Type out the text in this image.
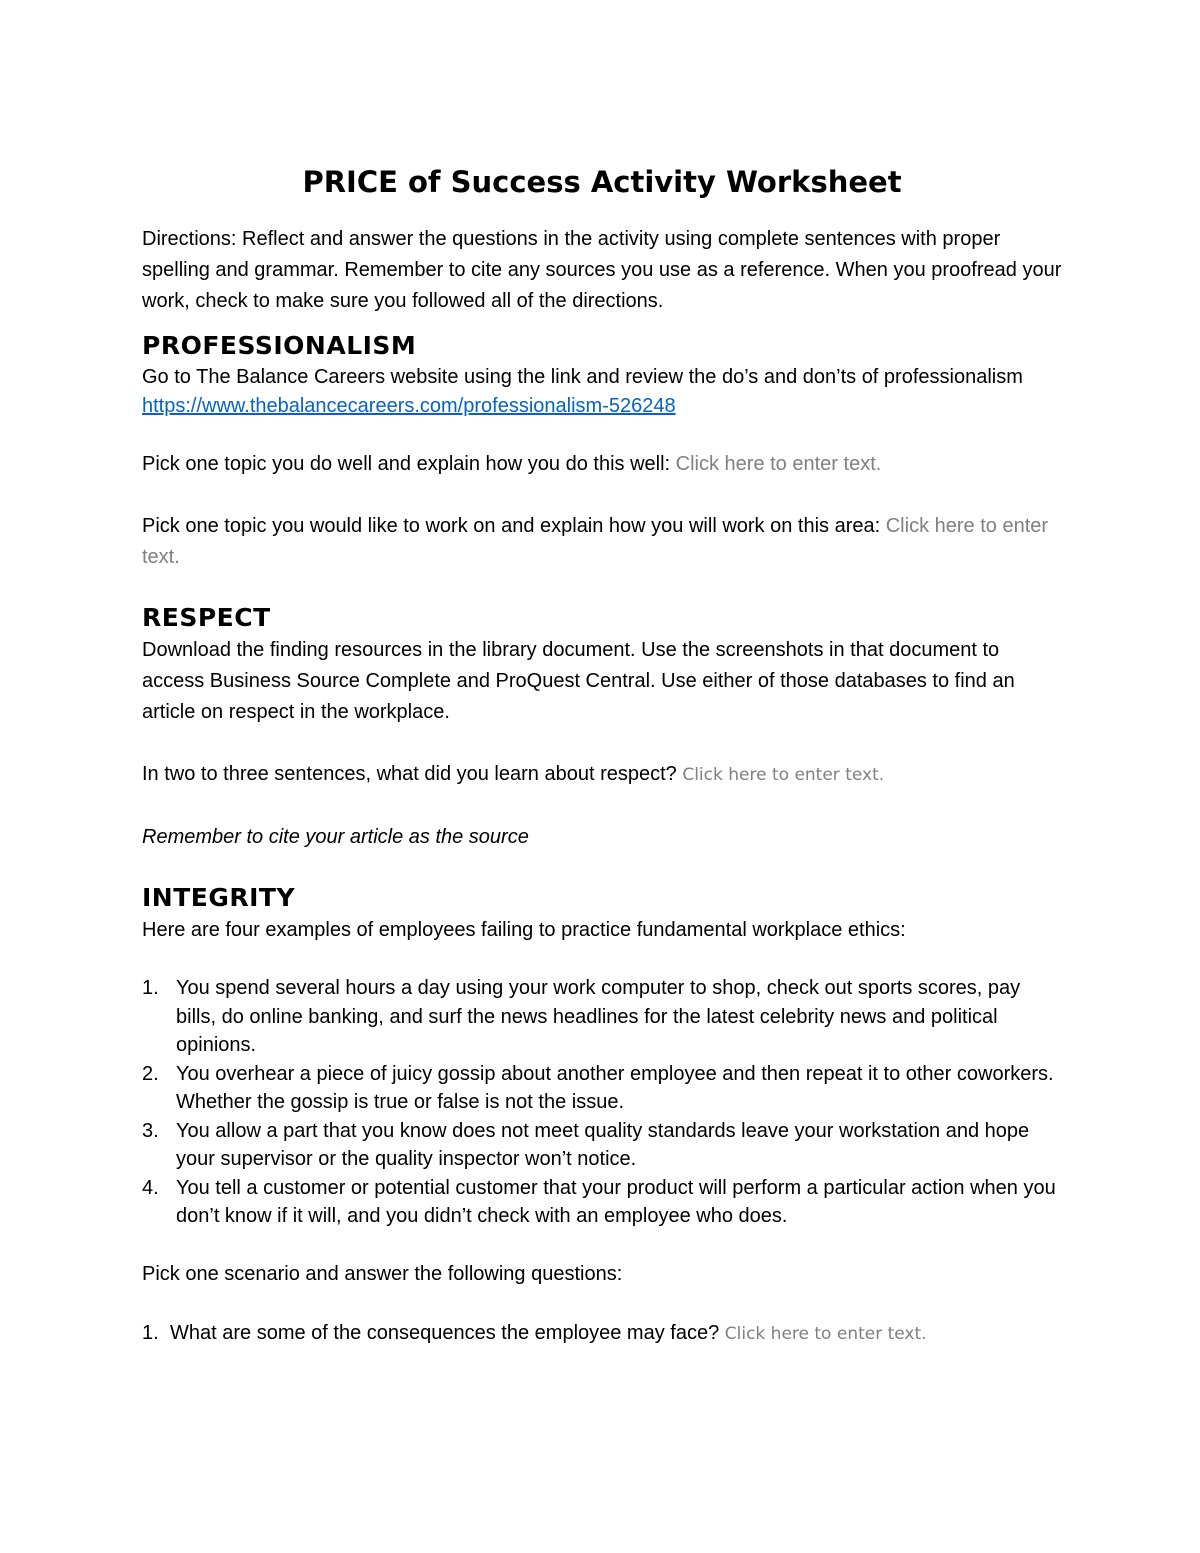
PRICE of Success Activity Worksheet

Directions: Reflect and answer the questions in the activity using complete sentences with proper spelling and grammar. Remember to cite any sources you use as a reference. When you proofread your work, check to make sure you followed all of the directions.

PROFESSIONALISM

Go to The Balance Careers website using the link and review the do’s and don’ts of professionalism
https://www.thebalancecareers.com/professionalism-526248

Pick one topic you do well and explain how you do this well: Click here to enter text.

Pick one topic you would like to work on and explain how you will work on this area: Click here to enter text.

RESPECT

Download the finding resources in the library document. Use the screenshots in that document to access Business Source Complete and ProQuest Central. Use either of those databases to find an article on respect in the workplace.

In two to three sentences, what did you learn about respect? Click here to enter text.

Remember to cite your article as the source

INTEGRITY

Here are four examples of employees failing to practice fundamental workplace ethics:

1. You spend several hours a day using your work computer to shop, check out sports scores, pay bills, do online banking, and surf the news headlines for the latest celebrity news and political opinions.
2. You overhear a piece of juicy gossip about another employee and then repeat it to other coworkers. Whether the gossip is true or false is not the issue.
3. You allow a part that you know does not meet quality standards leave your workstation and hope your supervisor or the quality inspector won’t notice.
4. You tell a customer or potential customer that your product will perform a particular action when you don’t know if it will, and you didn’t check with an employee who does.

Pick one scenario and answer the following questions:

1. What are some of the consequences the employee may face? Click here to enter text.
